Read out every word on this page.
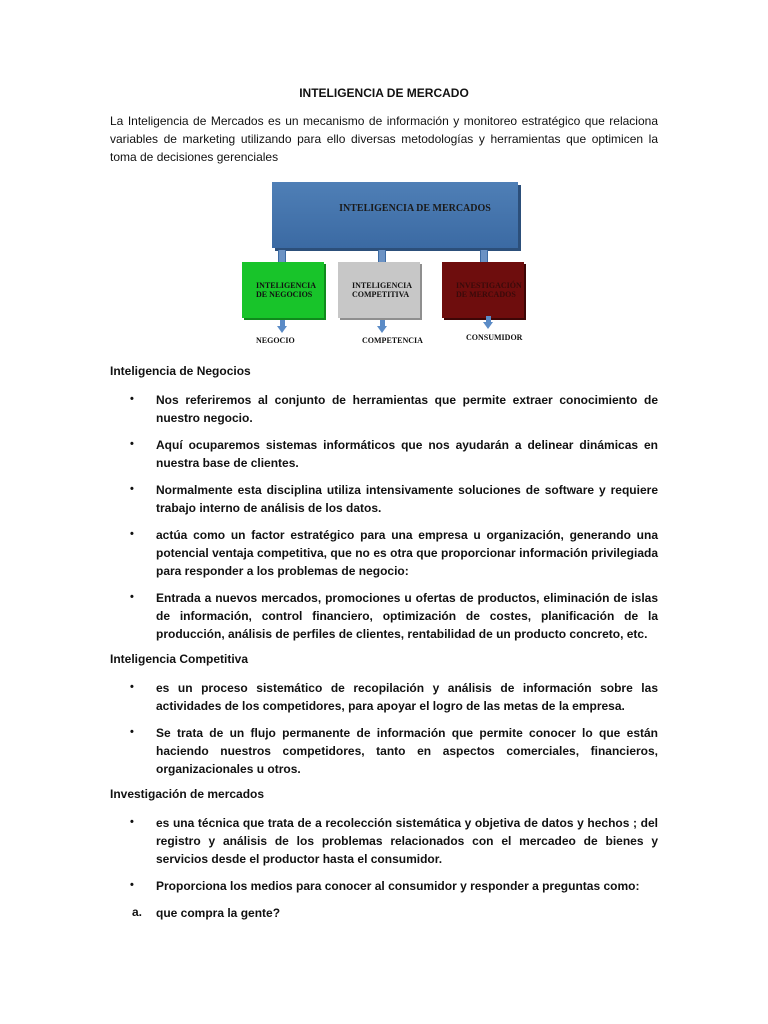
INTELIGENCIA DE MERCADO

La Inteligencia de Mercados es un mecanismo de información y monitoreo estratégico que relaciona variables de marketing utilizando para ello diversas metodologías y herramientas que optimicen la toma de decisiones gerenciales

INTELIGENCIA DE MERCADOS
INTELIGENCIA DE NEGOCIOS
INTELIGENCIA COMPETITIVA
INVESTIGACIÓN DE MERCADOS
NEGOCIO	COMPETENCIA	CONSUMIDOR
Inteligencia de Negocios
•	Nos referiremos al conjunto de herramientas que permite extraer conocimiento de nuestro negocio.

•	Aquí ocuparemos sistemas informáticos que nos ayudarán a delinear dinámicas en nuestra base de clientes.

•	Normalmente esta disciplina utiliza intensivamente soluciones de software y requiere trabajo interno de análisis de los datos.

•	actúa como un factor estratégico para una empresa u organización, generando una potencial ventaja competitiva, que no es otra que proporcionar información privilegiada para responder a los problemas de negocio:

•	Entrada a nuevos mercados, promociones u ofertas de productos, eliminación de islas de información, control financiero, optimización de costes, planificación de la producción, análisis de perfiles de clientes, rentabilidad de un producto concreto, etc.

Inteligencia Competitiva
•	es un proceso sistemático de recopilación y análisis de información sobre las actividades de los competidores, para apoyar el logro de las metas de la empresa.

•	Se trata de un flujo permanente de información que permite conocer lo que están haciendo nuestros competidores, tanto en aspectos comerciales, financieros, organizacionales u otros.

Investigación de mercados
•	es una técnica que trata de a recolección sistemática y objetiva de datos y hechos ; del registro y análisis de los problemas relacionados con el mercadeo de bienes y servicios desde el productor hasta el consumidor.

•	Proporciona los medios para conocer al consumidor y responder a preguntas como:

a. que compra la gente?
